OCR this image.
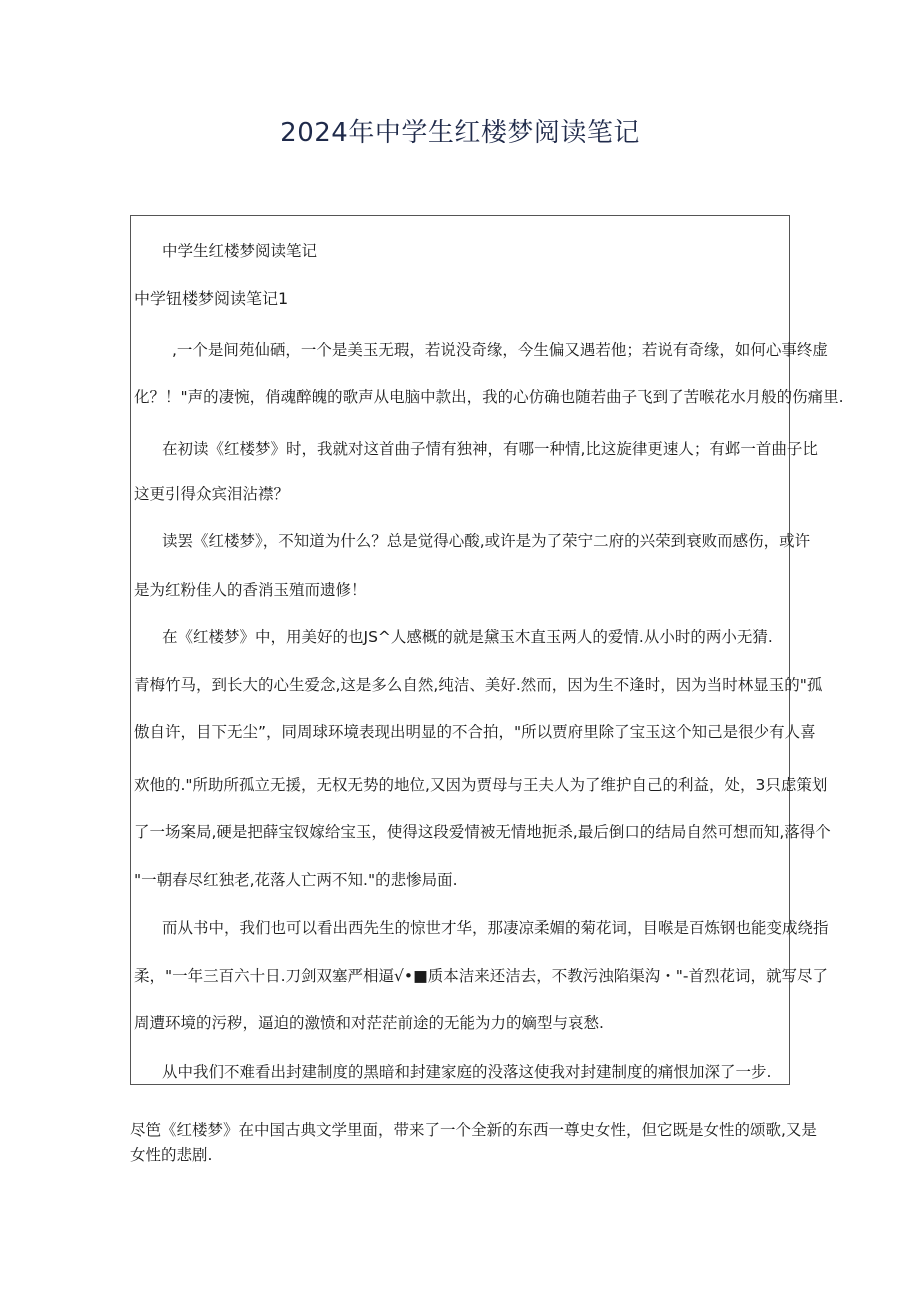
2024年中学生红楼梦阅读笔记

中学生红楼梦阅读笔记

中学钮楼梦阅读笔记1

,一个是间苑仙硒，一个是美玉无瑕，若说没奇缘，今生偏又遇若他；若说有奇缘，如何心事终虚

化？！"声的凄惋，俏魂醉魄的歌声从电脑中款出，我的心仿确也随若曲子飞到了苦喉花水月般的伤痛里.

在初读《红楼梦》时，我就对这首曲子情有独神，有哪一种情,比这旋律更速人；有邺一首曲子比

这更引得众宾泪沾襟？

读罢《红楼梦》，不知道为什么？总是觉得心酸,或许是为了荣宁二府的兴荣到衰败而感伤，或许

是为红粉佳人的香消玉殖而遗修！

在《红楼梦》中，用美好的也JS^人感概的就是黛玉木直玉两人的爱情.从小时的两小无猜.

青梅竹马，到长大的心生爱念,这是多么自然,纯洁、美好.然而，因为生不逢时，因为当时林显玉的"孤

傲自许，目下无尘”，同周球环境表现出明显的不合拍，"所以贾府里除了宝玉这个知己是很少有人喜

欢他的."所助所孤立无援，无权无势的地位,又因为贾母与王夫人为了维护自己的利益，处，3只虑策划

了一场案局,硬是把薛宝钗嫁给宝玉，使得这段爱情被无情地扼杀,最后倒口的结局自然可想而知,落得个

"一朝春尽红独老,花落人亡两不知."的悲惨局面.

而从书中，我们也可以看出西先生的惊世才华，那凄凉柔媚的菊花词，目喉是百炼钢也能变成绕指

柔，"一年三百六十日.刀剑双塞严相逼√•■质本洁来还洁去，不教污浊陷渠沟・"-首烈花词，就写尽了

周遭环境的污秽，逼迫的激愤和对茫茫前途的无能为力的嫡型与哀愁.

从中我们不难看出封建制度的黑暗和封建家庭的没落这使我对封建制度的痛恨加深了一步.

尽笆《红楼梦》在中国古典文学里面，带来了一个全新的东西一尊史女性，但它既是女性的颂歌,又是

女性的悲剧.
